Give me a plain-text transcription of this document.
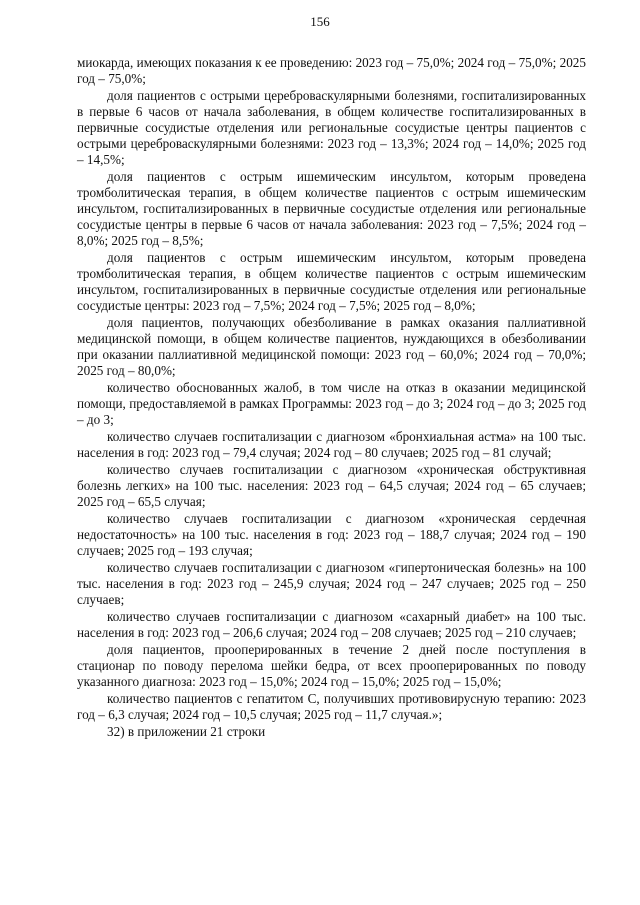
156

миокарда, имеющих показания к ее проведению: 2023 год – 75,0%; 2024 год – 75,0%; 2025 год – 75,0%;

доля пациентов с острыми цереброваскулярными болезнями, госпитализированных в первые 6 часов от начала заболевания, в общем количестве госпитализированных в первичные сосудистые отделения или региональные сосудистые центры пациентов с острыми цереброваскулярными болезнями: 2023 год – 13,3%; 2024 год – 14,0%; 2025 год – 14,5%;

доля пациентов с острым ишемическим инсультом, которым проведена тромболитическая терапия, в общем количестве пациентов с острым ишемическим инсультом, госпитализированных в первичные сосудистые отделения или региональные сосудистые центры в первые 6 часов от начала заболевания: 2023 год – 7,5%; 2024 год – 8,0%; 2025 год – 8,5%;

доля пациентов с острым ишемическим инсультом, которым проведена тромболитическая терапия, в общем количестве пациентов с острым ишемическим инсультом, госпитализированных в первичные сосудистые отделения или региональные сосудистые центры: 2023 год – 7,5%; 2024 год – 7,5%; 2025 год – 8,0%;

доля пациентов, получающих обезболивание в рамках оказания паллиативной медицинской помощи, в общем количестве пациентов, нуждающихся в обезболивании при оказании паллиативной медицинской помощи: 2023 год – 60,0%; 2024 год – 70,0%; 2025 год – 80,0%;

количество обоснованных жалоб, в том числе на отказ в оказании медицинской помощи, предоставляемой в рамках Программы: 2023 год – до 3; 2024 год – до 3; 2025 год – до 3;

количество случаев госпитализации с диагнозом «бронхиальная астма» на 100 тыс. населения в год: 2023 год – 79,4 случая; 2024 год – 80 случаев; 2025 год – 81 случай;

количество случаев госпитализации с диагнозом «хроническая обструктивная болезнь легких» на 100 тыс. населения: 2023 год – 64,5 случая; 2024 год – 65 случаев; 2025 год – 65,5 случая;

количество случаев госпитализации с диагнозом «хроническая сердечная недостаточность» на 100 тыс. населения в год: 2023 год – 188,7 случая; 2024 год – 190 случаев; 2025 год – 193 случая;

количество случаев госпитализации с диагнозом «гипертоническая болезнь» на 100 тыс. населения в год: 2023 год – 245,9 случая; 2024 год – 247 случаев; 2025 год – 250 случаев;

количество случаев госпитализации с диагнозом «сахарный диабет» на 100 тыс. населения в год: 2023 год – 206,6 случая; 2024 год – 208 случаев; 2025 год – 210 случаев;

доля пациентов, прооперированных в течение 2 дней после поступления в стационар по поводу перелома шейки бедра, от всех прооперированных по поводу указанного диагноза: 2023 год – 15,0%; 2024 год – 15,0%; 2025 год – 15,0%;

количество пациентов с гепатитом С, получивших противовирусную терапию: 2023 год – 6,3 случая; 2024 год – 10,5 случая; 2025 год – 11,7 случая.»;

32) в приложении 21 строки
